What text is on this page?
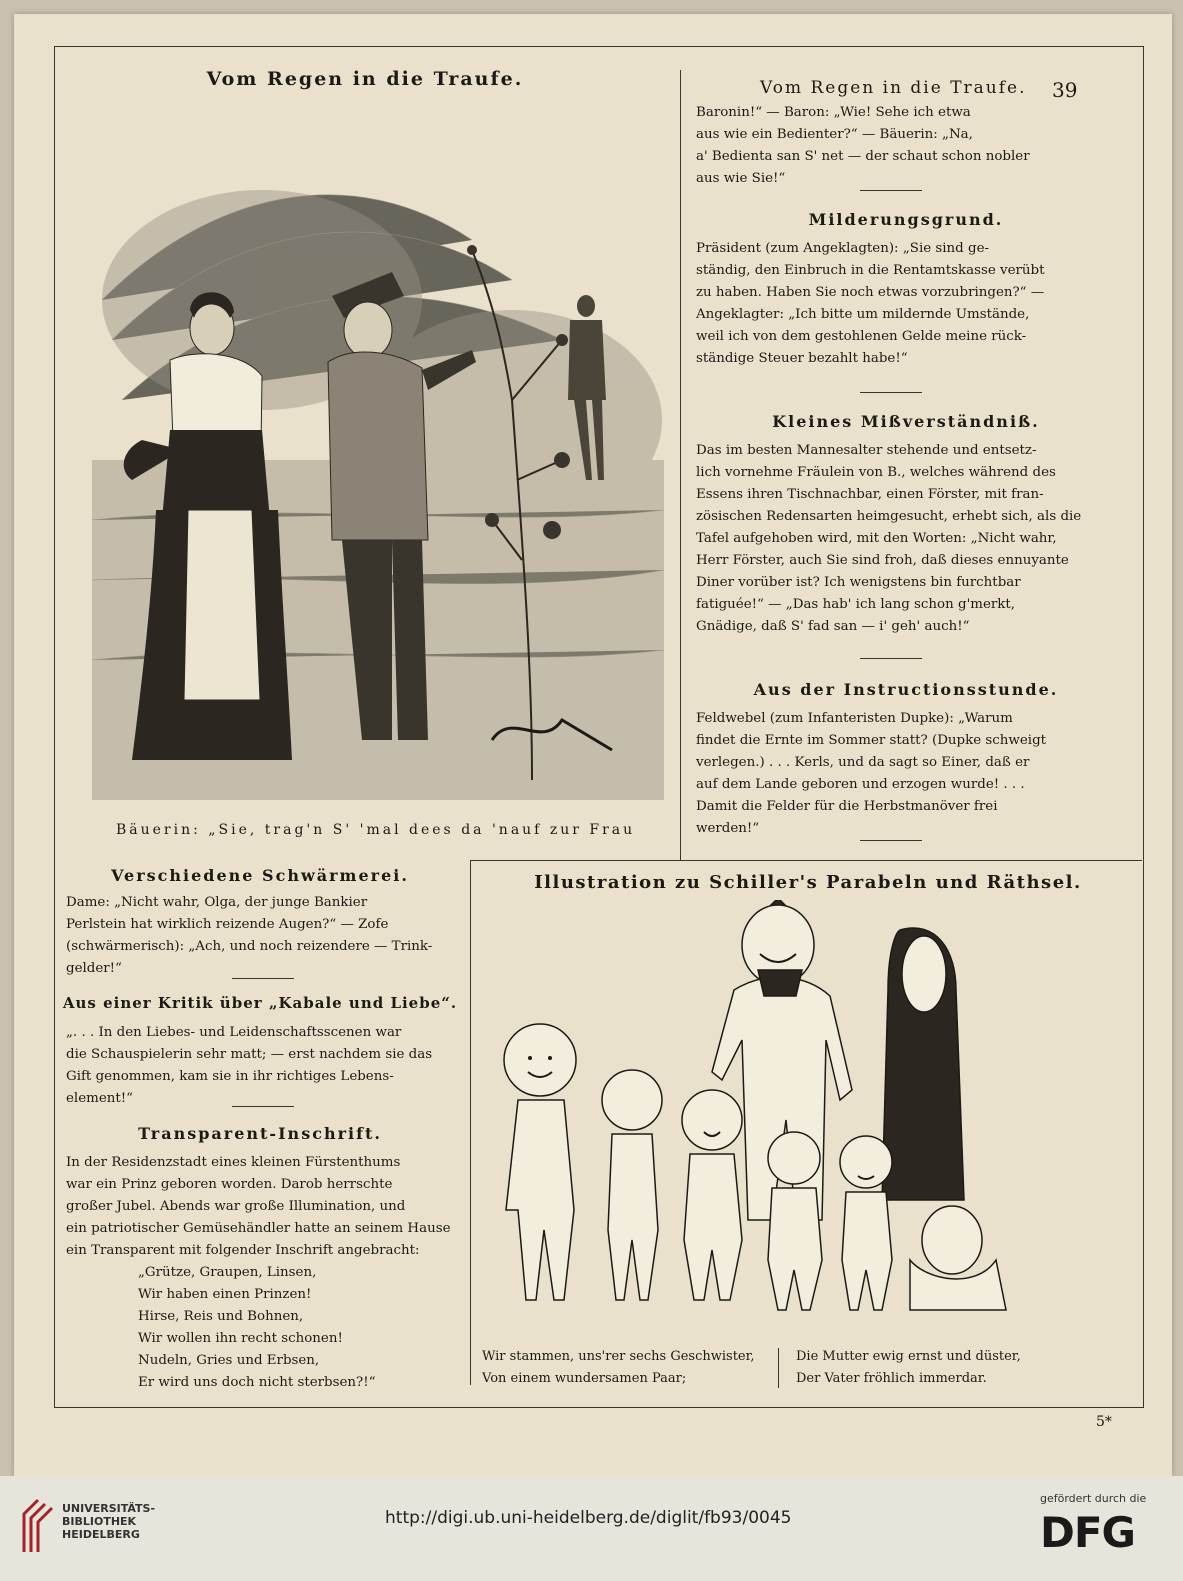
Vom Regen in die Traufe.	Vom Regen in die Traufe. 39
Bäuerin: „Sie, trag'n S' 'mal dees da 'nauf zur Frau
Baronin!“ — Baron: „Wie! Sehe ich etwa
aus wie ein Bedienter?“ — Bäuerin: „Na,
a' Bedienta san S' net — der schaut schon nobler
aus wie Sie!“
Milderungsgrund.
Präsident (zum Angeklagten): „Sie sind ge-
ständig, den Einbruch in die Rentamtskasse verübt
zu haben. Haben Sie noch etwas vorzubringen?“ —
Angeklagter: „Ich bitte um mildernde Umstände,
weil ich von dem gestohlenen Gelde meine rück-
ständige Steuer bezahlt habe!“
Kleines Mißverständniß.
Das im besten Mannesalter stehende und entsetz-
lich vornehme Fräulein von B., welches während des
Essens ihren Tischnachbar, einen Förster, mit fran-
zösischen Redensarten heimgesucht, erhebt sich, als die
Tafel aufgehoben wird, mit den Worten: „Nicht wahr,
Herr Förster, auch Sie sind froh, daß dieses ennuyante
Diner vorüber ist? Ich wenigstens bin furchtbar
fatiguée!“ — „Das hab' ich lang schon g'merkt,
Gnädige, daß S' fad san — i' geh' auch!“
Aus der Instructionsstunde.
Feldwebel (zum Infanteristen Dupke): „Warum
findet die Ernte im Sommer statt? (Dupke schweigt
verlegen.) . . . Kerls, und da sagt so Einer, daß er
auf dem Lande geboren und erzogen wurde! . . .
Damit die Felder für die Herbstmanöver frei
werden!“
Verschiedene Schwärmerei.
Dame: „Nicht wahr, Olga, der junge Bankier
Perlstein hat wirklich reizende Augen?“ — Zofe
(schwärmerisch): „Ach, und noch reizendere — Trink-
gelder!“
Aus einer Kritik über „Kabale und Liebe“.
„. . . In den Liebes- und Leidenschaftsscenen war
die Schauspielerin sehr matt; — erst nachdem sie das
Gift genommen, kam sie in ihr richtiges Lebens-
element!“
Transparent-Inschrift.
In der Residenzstadt eines kleinen Fürstenthums
war ein Prinz geboren worden. Darob herrschte
großer Jubel. Abends war große Illumination, und
ein patriotischer Gemüsehändler hatte an seinem Hause
ein Transparent mit folgender Inschrift angebracht:
„Grütze, Graupen, Linsen,
Wir haben einen Prinzen!
Hirse, Reis und Bohnen,
Wir wollen ihn recht schonen!
Nudeln, Gries und Erbsen,
Er wird uns doch nicht sterbsen?!“
Illustration zu Schiller's Parabeln und Räthsel.
Wir stammen, uns'rer sechs Geschwister,
Von einem wundersamen Paar;
Die Mutter ewig ernst und düster,
Der Vater fröhlich immerdar.
5*
UNIVERSITÄTS-
BIBLIOTHEK
HEIDELBERG
http://digi.ub.uni-heidelberg.de/diglit/fb93/0045
gefördert durch die
DFG
